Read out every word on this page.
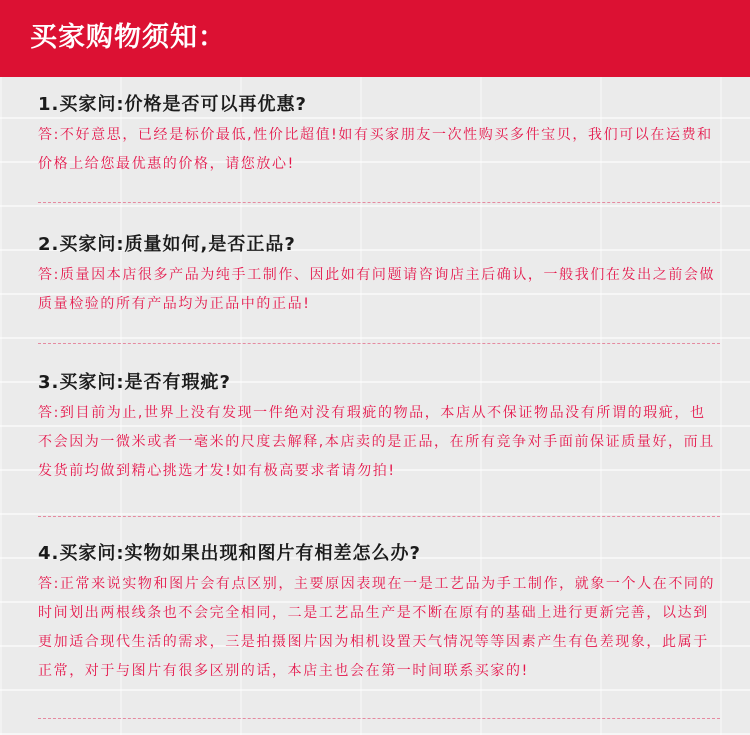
买家购物须知：

1.买家问:价格是否可以再优惠?

答:不好意思，已经是标价最低,性价比超值!如有买家朋友一次性购买多件宝贝，我们可以在运费和价格上给您最优惠的价格，请您放心!

2.买家问:质量如何,是否正品?

答:质量因本店很多产品为纯手工制作、因此如有问题请咨询店主后确认，一般我们在发出之前会做质量检验的所有产品均为正品中的正品!

3.买家问:是否有瑕疵?

答:到目前为止,世界上没有发现一件绝对没有瑕疵的物品，本店从不保证物品没有所谓的瑕疵，也不会因为一微米或者一毫米的尺度去解释,本店卖的是正品，在所有竞争对手面前保证质量好，而且发货前均做到精心挑选才发!如有极高要求者请勿拍!

4.买家问:实物如果出现和图片有相差怎么办?

答:正常来说实物和图片会有点区别，主要原因表现在一是工艺品为手工制作，就象一个人在不同的时间划出两根线条也不会完全相同，二是工艺品生产是不断在原有的基础上进行更新完善，以达到更加适合现代生活的需求，三是拍摄图片因为相机设置天气情况等等因素产生有色差现象，此属于正常，对于与图片有很多区别的话，本店主也会在第一时间联系买家的!
